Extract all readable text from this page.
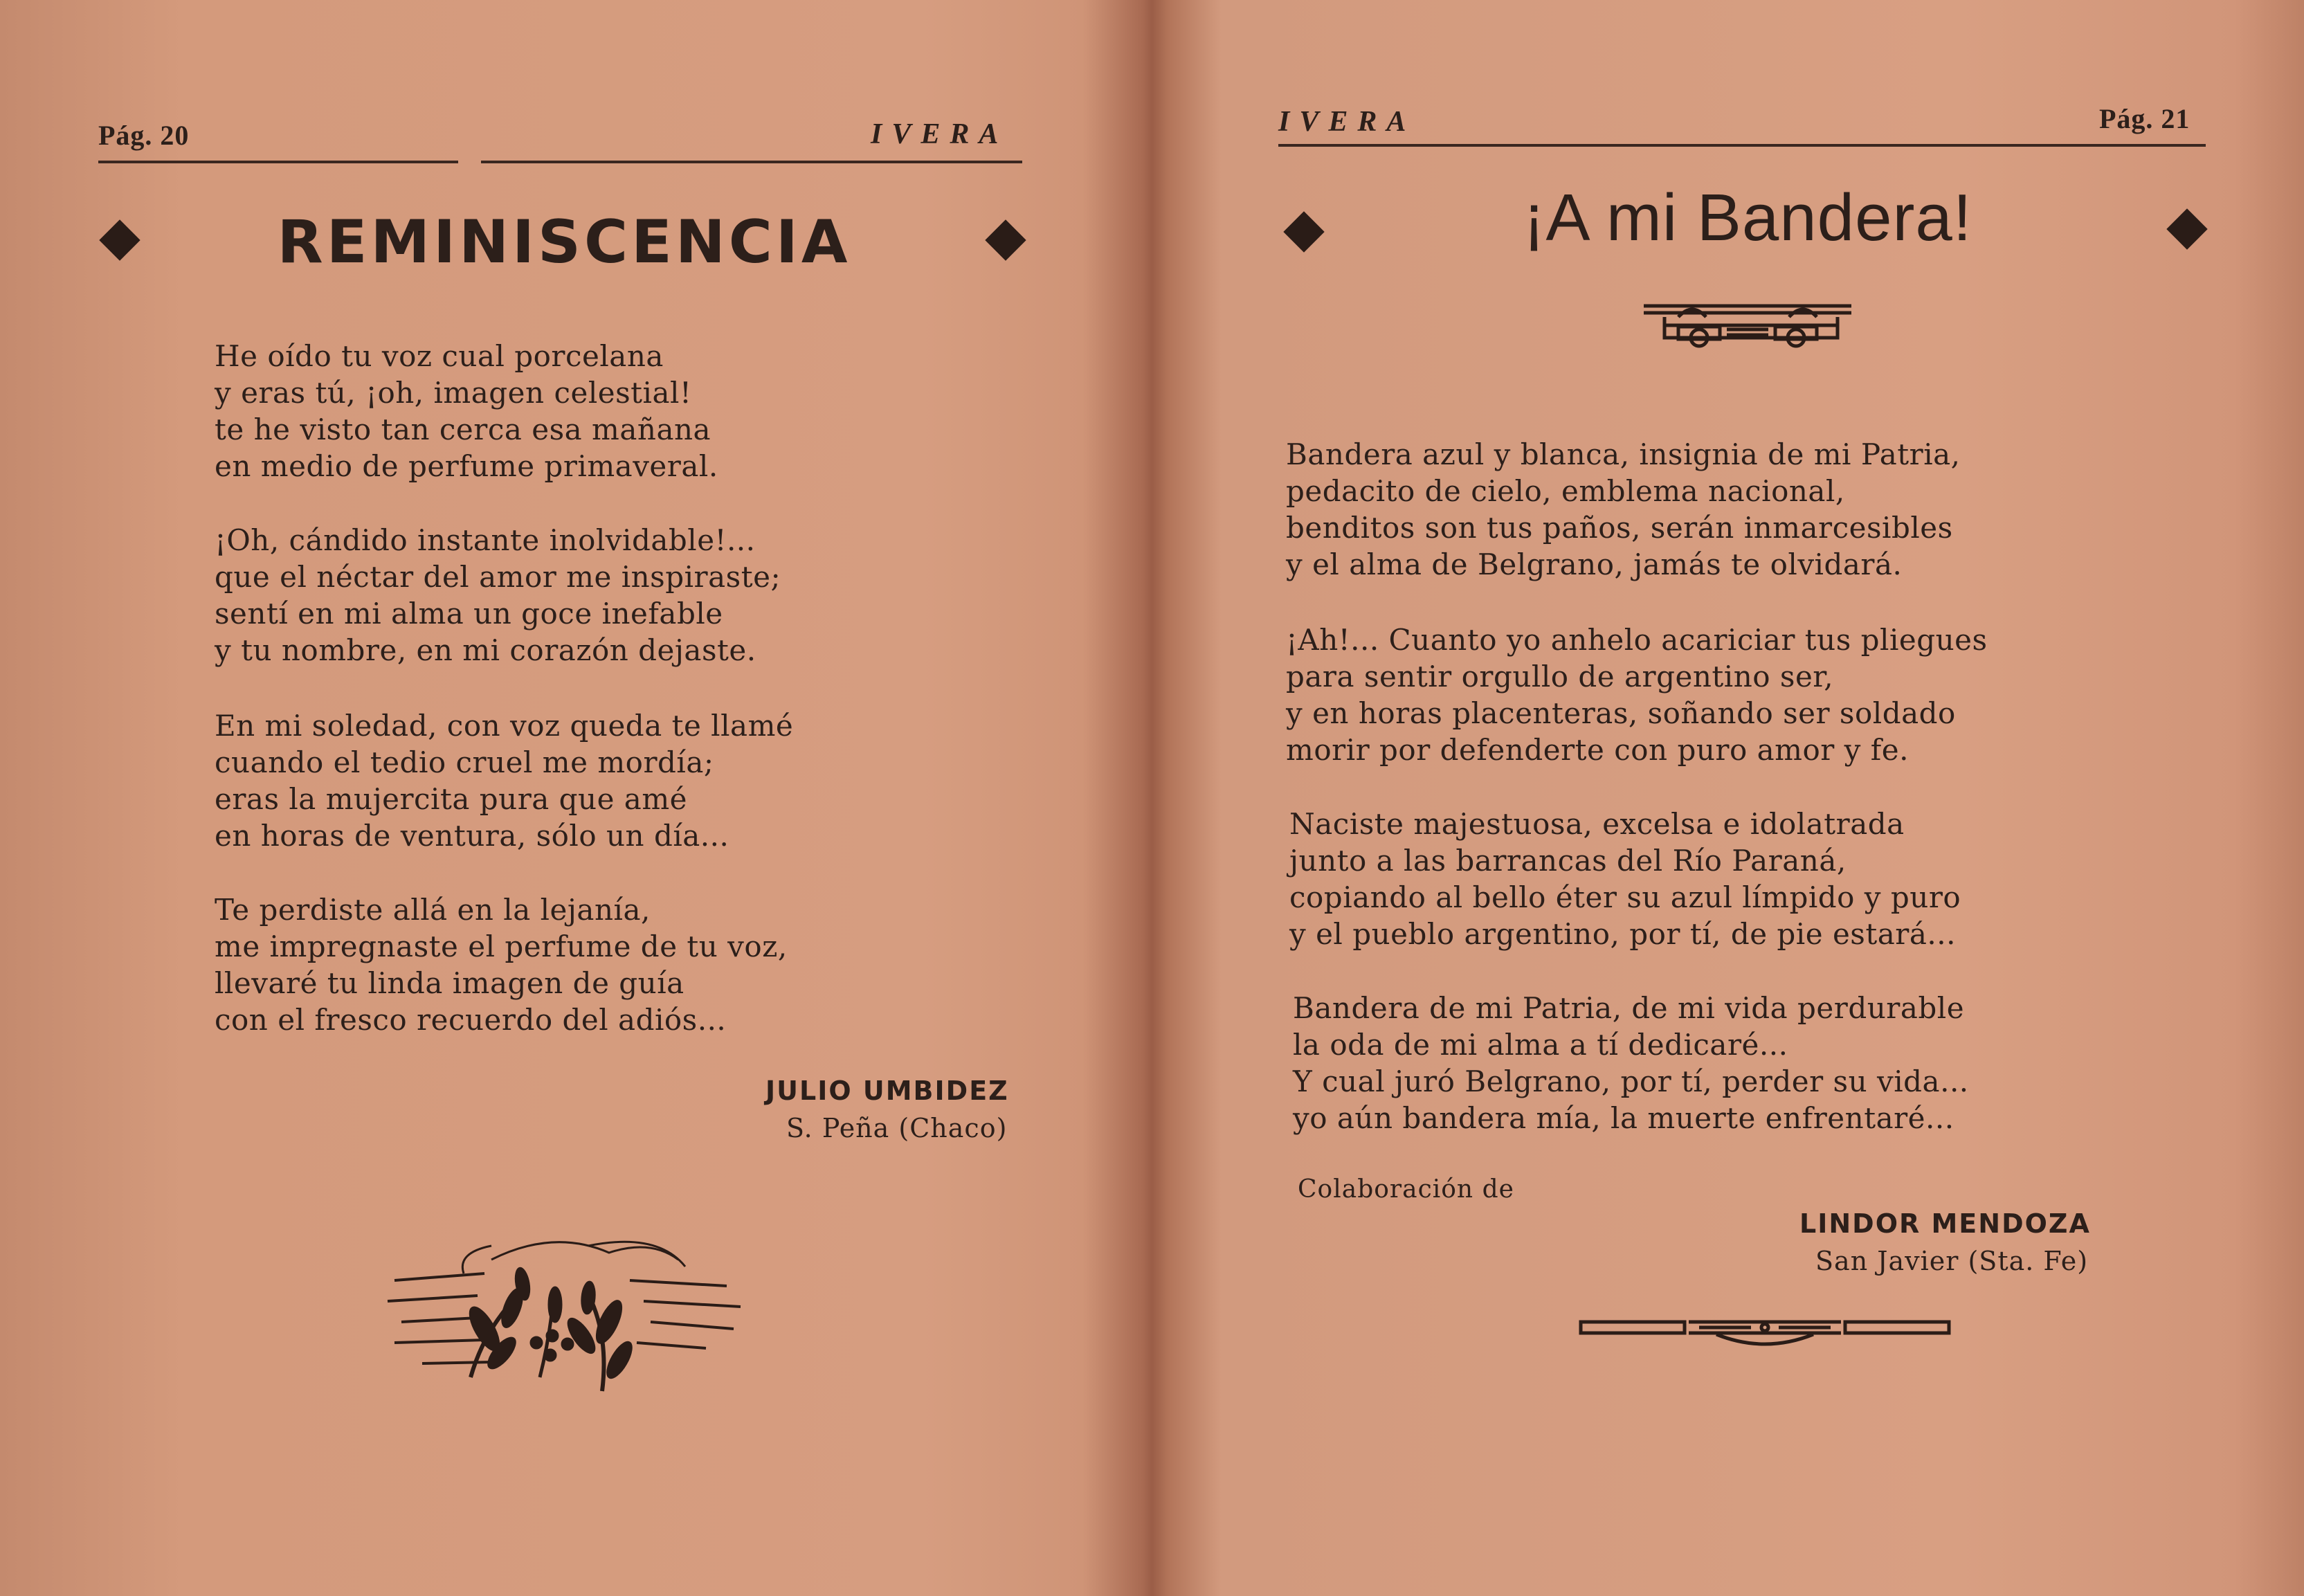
Pág. 20	IVERA
REMINISCENCIA
He oído tu voz cual porcelana
y eras tú, ¡oh, imagen celestial!
te he visto tan cerca esa mañana
en medio de perfume primaveral.
¡Oh, cándido instante inolvidable!...
que el néctar del amor me inspiraste;
sentí en mi alma un goce inefable
y tu nombre, en mi corazón dejaste.
En mi soledad, con voz queda te llamé
cuando el tedio cruel me mordía;
eras la mujercita pura que amé
en horas de ventura, sólo un día...
Te perdiste allá en la lejanía,
me impregnaste el perfume de tu voz,
llevaré tu linda imagen de guía
con el fresco recuerdo del adiós...
JULIO UMBIDEZ
S. Peña (Chaco)
IVERA	Pág. 21
¡A mi Bandera!
Bandera azul y blanca, insignia de mi Patria,
pedacito de cielo, emblema nacional,
benditos son tus paños, serán inmarcesibles
y el alma de Belgrano, jamás te olvidará.
¡Ah!... Cuanto yo anhelo acariciar tus pliegues
para sentir orgullo de argentino ser,
y en horas placenteras, soñando ser soldado
morir por defenderte con puro amor y fe.
Naciste majestuosa, excelsa e idolatrada
junto a las barrancas del Río Paraná,
copiando al bello éter su azul límpido y puro
y el pueblo argentino, por tí, de pie estará...
Bandera de mi Patria, de mi vida perdurable
la oda de mi alma a tí dedicaré...
Y cual juró Belgrano, por tí, perder su vida...
yo aún bandera mía, la muerte enfrentaré...
Colaboración de
LINDOR MENDOZA
San Javier (Sta. Fe)
